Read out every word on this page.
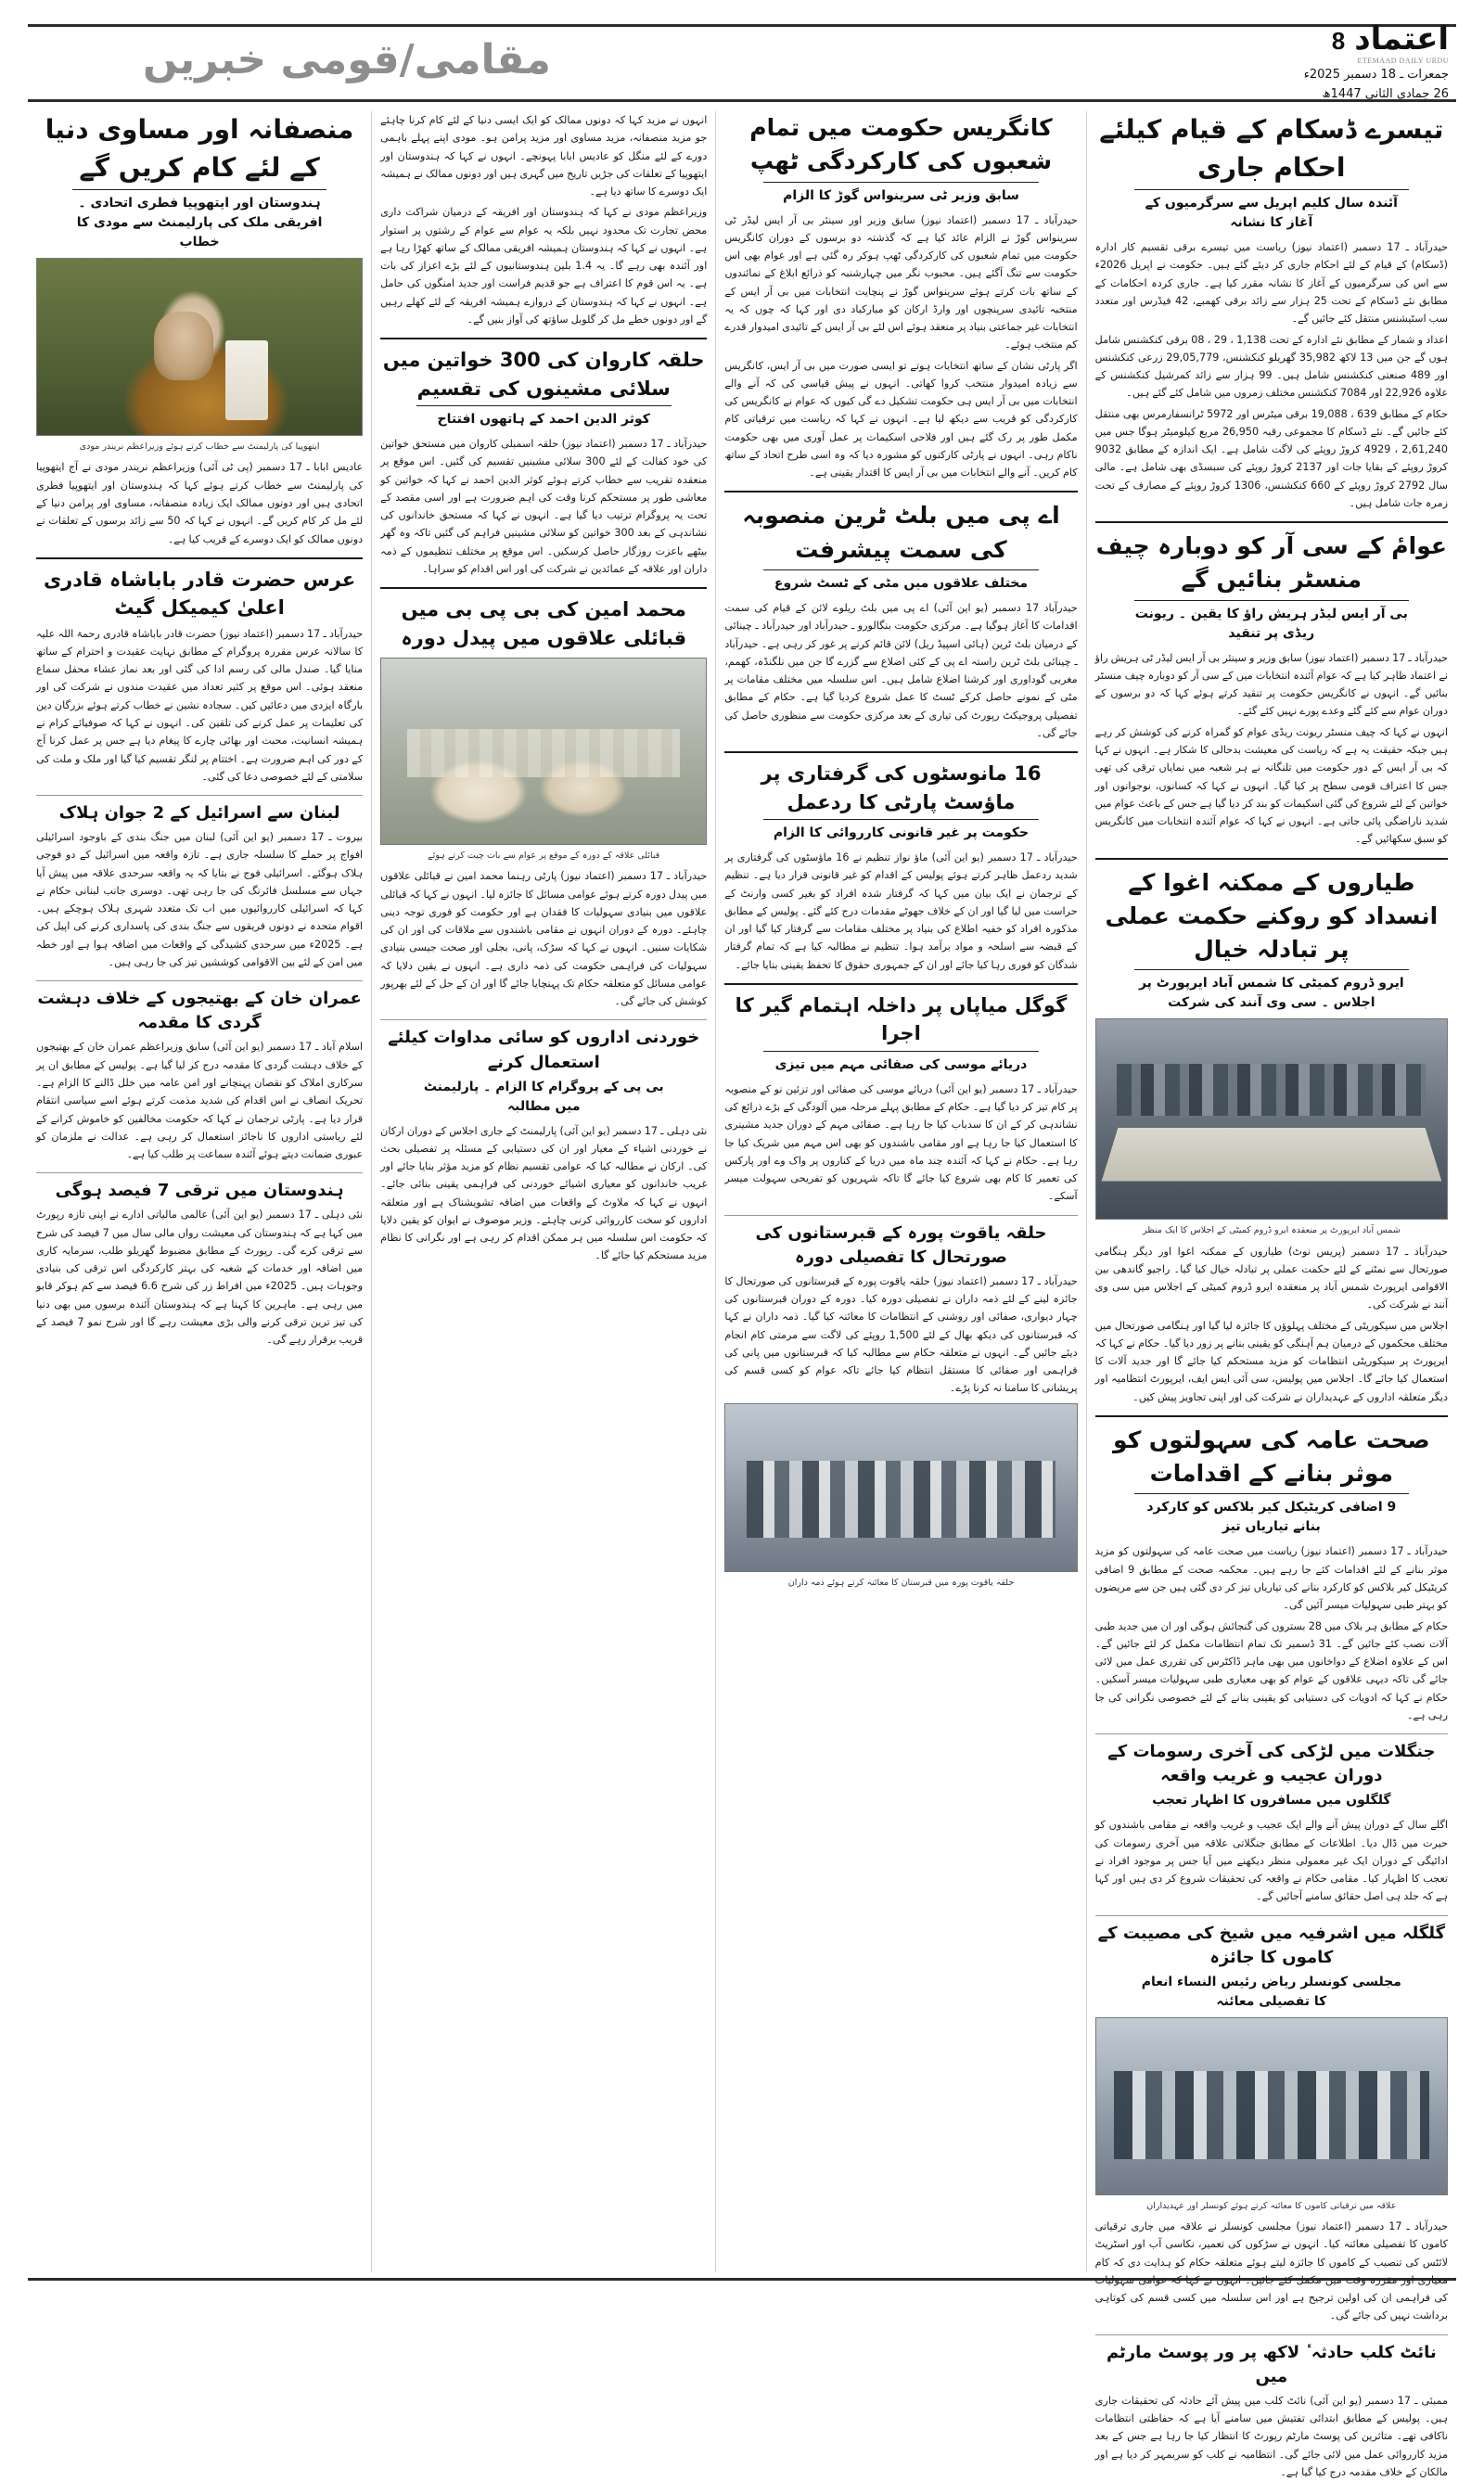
اعتماد
8
ETEMAAD DAILY URDU
جمعرات ـ 18 دسمبر 2025ء
26 جمادی الثانی 1447ھ
مقامی/قومی خبریں
تیسرے ڈسکام کے قیام کیلئے احکام جاری
آئندہ سال کلیم اپریل سے سرگرمیوں کے آغاز کا نشانہ

حیدرآباد ـ 17 دسمبر (اعتماد نیوز) ریاست میں تیسرے برقی تقسیم کار ادارہ (ڈسکام) کے قیام کے لئے احکام جاری کر دیئے گئے ہیں۔ حکومت نے اپریل 2026ء سے اس کی سرگرمیوں کے آغاز کا نشانہ مقرر کیا ہے۔ جاری کردہ احکامات کے مطابق نئے ڈسکام کے تحت 25 ہزار سے زائد برقی کھمبے، 42 فیڈرس اور متعدد سب اسٹیشنس منتقل کئے جائیں گے۔

اعداد و شمار کے مطابق نئے ادارہ کے تحت 1,138 ، 29 ، 08 برقی کنکشنس شامل ہوں گے جن میں 13 لاکھ 35,982 گھریلو کنکشنس، 29,05,779 زرعی کنکشنس اور 489 صنعتی کنکشنس شامل ہیں۔ 99 ہزار سے زائد کمرشیل کنکشنس کے علاوہ 22,926 اور 7084 کنکشنس مختلف زمروں میں شامل کئے گئے ہیں۔

حکام کے مطابق 639 ، 19,088 برقی میٹرس اور 5972 ٹرانسفارمرس بھی منتقل کئے جائیں گے۔ نئے ڈسکام کا مجموعی رقبہ 26,950 مربع کیلومیٹر ہوگا جس میں 2,61,240 ، 4929 کروڑ روپئے کی لاگت شامل ہے۔ ایک اندازہ کے مطابق 9032 کروڑ روپئے کے بقایا جات اور 2137 کروڑ روپئے کی سبسڈی بھی شامل ہے۔ مالی سال 2792 کروڑ روپئے کے 660 کنکشنس، 1306 کروڑ روپئے کے مصارف کے تحت زمرہ جات شامل ہیں۔

عوامٔ کے سی آر کو دوبارہ چیف منسٹر بنائیں گے
بی آر ایس لیڈر ہریش راؤ کا یقین ۔ ریونت ریڈی پر تنقید

حیدرآباد ـ 17 دسمبر (اعتماد نیوز) سابق وزیر و سینئر بی آر ایس لیڈر ٹی ہریش راؤ نے اعتماد ظاہر کیا ہے کہ عوام آئندہ انتخابات میں کے سی آر کو دوبارہ چیف منسٹر بنائیں گے۔ انہوں نے کانگریس حکومت پر تنقید کرتے ہوئے کہا کہ دو برسوں کے دوران عوام سے کئے گئے وعدے پورے نہیں کئے گئے۔

انہوں نے کہا کہ چیف منسٹر ریونت ریڈی عوام کو گمراہ کرنے کی کوشش کر رہے ہیں جبکہ حقیقت یہ ہے کہ ریاست کی معیشت بدحالی کا شکار ہے۔ انہوں نے کہا کہ بی آر ایس کے دور حکومت میں تلنگانہ نے ہر شعبہ میں نمایاں ترقی کی تھی جس کا اعتراف قومی سطح پر کیا گیا۔ انہوں نے کہا کہ کسانوں، نوجوانوں اور خواتین کے لئے شروع کی گئی اسکیمات کو بند کر دیا گیا ہے جس کے باعث عوام میں شدید ناراضگی پائی جاتی ہے۔ انہوں نے کہا کہ عوام آئندہ انتخابات میں کانگریس کو سبق سکھائیں گے۔

طیاروں کے ممکنہ اغوا کے انسداد کو روکنے حکمت عملی پر تبادلہ خیال
ایرو ڈروم کمیٹی کا شمس آباد ایرپورٹ پر اجلاس ۔ سی وی آنند کی شرکت
شمس آباد ایرپورٹ پر منعقدہ ایرو ڈروم کمیٹی کے اجلاس کا ایک منظر

حیدرآباد ـ 17 دسمبر (پریس نوٹ) طیاروں کے ممکنہ اغوا اور دیگر ہنگامی صورتحال سے نمٹنے کے لئے حکمت عملی پر تبادلہ خیال کیا گیا۔ راجیو گاندھی بین الاقوامی ایرپورٹ شمس آباد پر منعقدہ ایرو ڈروم کمیٹی کے اجلاس میں سی وی آنند نے شرکت کی۔

اجلاس میں سیکوریٹی کے مختلف پہلوؤں کا جائزہ لیا گیا اور ہنگامی صورتحال میں مختلف محکموں کے درمیان ہم آہنگی کو یقینی بنانے پر زور دیا گیا۔ حکام نے کہا کہ ایرپورٹ پر سیکوریٹی انتظامات کو مزید مستحکم کیا جائے گا اور جدید آلات کا استعمال کیا جائے گا۔ اجلاس میں پولیس، سی آئی ایس ایف، ایرپورٹ انتظامیہ اور دیگر متعلقہ اداروں کے عہدیداران نے شرکت کی اور اپنی تجاویز پیش کیں۔

صحت عامہ کی سہولتوں کو موثر بنانے کے اقدامات
9 اضافی کریٹیکل کیر بلاکس کو کارکرد بنانے تیاریاں تیز

حیدرآباد ـ 17 دسمبر (اعتماد نیوز) ریاست میں صحت عامہ کی سہولتوں کو مزید موثر بنانے کے لئے اقدامات کئے جا رہے ہیں۔ محکمہ صحت کے مطابق 9 اضافی کریٹیکل کیر بلاکس کو کارکرد بنانے کی تیاریاں تیز کر دی گئی ہیں جن سے مریضوں کو بہتر طبی سہولیات میسر آئیں گی۔

حکام کے مطابق ہر بلاک میں 28 بستروں کی گنجائش ہوگی اور ان میں جدید طبی آلات نصب کئے جائیں گے۔ 31 ڈسمبر تک تمام انتظامات مکمل کر لئے جائیں گے۔ اس کے علاوہ اضلاع کے دواخانوں میں بھی ماہر ڈاکٹرس کی تقرری عمل میں لائی جائے گی تاکہ دیہی علاقوں کے عوام کو بھی معیاری طبی سہولیات میسر آسکیں۔ حکام نے کہا کہ ادویات کی دستیابی کو یقینی بنانے کے لئے خصوصی نگرانی کی جا رہی ہے۔

جنگلات میں لڑکی کی آخری رسومات کے دوران عجیب و غریب واقعہ
گلگلوں میں مسافروں کا اظہار تعجب

اگلے سال کے دوران پیش آنے والے ایک عجیب و غریب واقعہ نے مقامی باشندوں کو حیرت میں ڈال دیا۔ اطلاعات کے مطابق جنگلاتی علاقہ میں آخری رسومات کی ادائیگی کے دوران ایک غیر معمولی منظر دیکھنے میں آیا جس پر موجود افراد نے تعجب کا اظہار کیا۔ مقامی حکام نے واقعہ کی تحقیقات شروع کر دی ہیں اور کہا ہے کہ جلد ہی اصل حقائق سامنے آجائیں گے۔

گلگلہ میں اشرفیہ میں شیخ کی مصیبت کے کاموں کا جائزہ
مجلسی کونسلر ریاض رئیس النساء انعام کا تفصیلی معائنہ
علاقہ میں ترقیاتی کاموں کا معائنہ کرتے ہوئے کونسلر اور عہدیداران

حیدرآباد ـ 17 دسمبر (اعتماد نیوز) مجلسی کونسلر نے علاقہ میں جاری ترقیاتی کاموں کا تفصیلی معائنہ کیا۔ انہوں نے سڑکوں کی تعمیر، نکاسی آب اور اسٹریٹ لائٹس کی تنصیب کے کاموں کا جائزہ لیتے ہوئے متعلقہ حکام کو ہدایت دی کہ کام معیاری اور مقررہ وقت میں مکمل کئے جائیں۔ انہوں نے کہا کہ عوامی سہولیات کی فراہمی ان کی اولین ترجیح ہے اور اس سلسلہ میں کسی قسم کی کوتاہی برداشت نہیں کی جائے گی۔

نائٹ کلب حادثہ ٔ لاکھ پر ور پوسٹ مارٹم میں

ممبئی ـ 17 دسمبر (یو این آئی) نائٹ کلب میں پیش آئے حادثہ کی تحقیقات جاری ہیں۔ پولیس کے مطابق ابتدائی تفتیش میں سامنے آیا ہے کہ حفاظتی انتظامات ناکافی تھے۔ متاثرین کی پوسٹ مارٹم رپورٹ کا انتظار کیا جا رہا ہے جس کے بعد مزید کارروائی عمل میں لائی جائے گی۔ انتظامیہ نے کلب کو سربمہر کر دیا ہے اور مالکان کے خلاف مقدمہ درج کیا گیا ہے۔

کانگریس حکومت میں تمام شعبوں کی کارکردگی ٹھپ
سابق وزیر ٹی سرینواس گوڑ کا الزام

حیدرآباد ـ 17 دسمبر (اعتماد نیوز) سابق وزیر اور سینئر بی آر ایس لیڈر ٹی سرینواس گوڑ نے الزام عائد کیا ہے کہ گذشتہ دو برسوں کے دوران کانگریس حکومت میں تمام شعبوں کی کارکردگی ٹھپ ہوکر رہ گئی ہے اور عوام بھی اس حکومت سے تنگ آگئے ہیں۔ محبوب نگر میں چہارشنبہ کو ذرائع ابلاغ کے نمائندوں کے ساتھ بات کرتے ہوئے سرینواس گوڑ نے پنچایت انتخابات میں بی آر ایس کے منتخبہ تائیدی سرپنچوں اور وارڈ ارکان کو مبارکباد دی اور کہا کہ چوں کہ یہ انتخابات غیر جماعتی بنیاد پر منعقد ہوئے اس لئے بی آر ایس کے تائیدی امیدوار قدرے کم منتخب ہوئے۔

اگر پارٹی نشان کے ساتھ انتخابات ہوتے تو ایسی صورت میں بی آر ایس، کانگریس سے زیادہ امیدوار منتخب کروا کھاتی۔ انہوں نے پیش قیاسی کی کہ آنے والے انتخابات میں بی آر ایس ہی حکومت تشکیل دے گی کیوں کہ عوام نے کانگریس کی کارکردگی کو قریب سے دیکھ لیا ہے۔ انہوں نے کہا کہ ریاست میں ترقیاتی کام مکمل طور پر رک گئے ہیں اور فلاحی اسکیمات پر عمل آوری میں بھی حکومت ناکام رہی۔ انہوں نے پارٹی کارکنوں کو مشورہ دیا کہ وہ اسی طرح اتحاد کے ساتھ کام کریں۔ آنے والے انتخابات میں بی آر ایس کا اقتدار یقینی ہے۔

اے پی میں بلٹ ٹرین منصوبہ کی سمت پیشرفت
مختلف علاقوں میں مٹی کے ٹسٹ شروع

حیدرآباد 17 دسمبر (یو این آئی) اے پی میں بلٹ ریلوے لائن کے قیام کی سمت اقدامات کا آغاز ہوگیا ہے۔ مرکزی حکومت بنگالورو ـ حیدرآباد اور حیدرآباد ـ چینائی کے درمیان بلٹ ٹرین (ہائی اسپیڈ ریل) لائن قائم کرنے پر غور کر رہی ہے۔ حیدرآباد ـ چینائی بلٹ ٹرین راستہ اے پی کے کئی اضلاع سے گزرے گا جن میں نلگنڈہ، کھمم، مغربی گوداوری اور کرشنا اضلاع شامل ہیں۔ اس سلسلہ میں مختلف مقامات پر مٹی کے نمونے حاصل کرکے ٹسٹ کا عمل شروع کردیا گیا ہے۔ حکام کے مطابق تفصیلی پروجیکٹ رپورٹ کی تیاری کے بعد مرکزی حکومت سے منظوری حاصل کی جائے گی۔

16 مانوسٹوں کی گرفتاری پر ماؤسٹ پارٹی کا ردعمل
حکومت پر غیر قانونی کارروائی کا الزام

حیدرآباد ـ 17 دسمبر (یو این آئی) ماؤ نواز تنظیم نے 16 ماؤسٹوں کی گرفتاری پر شدید ردعمل ظاہر کرتے ہوئے پولیس کے اقدام کو غیر قانونی قرار دیا ہے۔ تنظیم کے ترجمان نے ایک بیان میں کہا کہ گرفتار شدہ افراد کو بغیر کسی وارنٹ کے حراست میں لیا گیا اور ان کے خلاف جھوٹے مقدمات درج کئے گئے۔ پولیس کے مطابق مذکورہ افراد کو خفیہ اطلاع کی بنیاد پر مختلف مقامات سے گرفتار کیا گیا اور ان کے قبضہ سے اسلحہ و مواد برآمد ہوا۔ تنظیم نے مطالبہ کیا ہے کہ تمام گرفتار شدگان کو فوری رہا کیا جائے اور ان کے جمہوری حقوق کا تحفظ یقینی بنایا جائے۔

گوگل میاپاں پر داخلہ اہتمام گیر کا اجرا
دریائے موسی کی صفائی مہم میں تیزی

حیدرآباد ـ 17 دسمبر (یو این آئی) دریائے موسی کی صفائی اور تزئین نو کے منصوبہ پر کام تیز کر دیا گیا ہے۔ حکام کے مطابق پہلے مرحلہ میں آلودگی کے بڑے ذرائع کی نشاندہی کر کے ان کا سدباب کیا جا رہا ہے۔ صفائی مہم کے دوران جدید مشینری کا استعمال کیا جا رہا ہے اور مقامی باشندوں کو بھی اس مہم میں شریک کیا جا رہا ہے۔ حکام نے کہا کہ آئندہ چند ماہ میں دریا کے کناروں پر واک وے اور پارکس کی تعمیر کا کام بھی شروع کیا جائے گا تاکہ شہریوں کو تفریحی سہولت میسر آسکے۔

حلقہ یاقوت پورہ کے قبرستانوں کی صورتحال کا تفصیلی دورہ

حیدرآباد ـ 17 دسمبر (اعتماد نیوز) حلقہ یاقوت پورہ کے قبرستانوں کی صورتحال کا جائزہ لینے کے لئے ذمہ داران نے تفصیلی دورہ کیا۔ دورہ کے دوران قبرستانوں کی چہار دیواری، صفائی اور روشنی کے انتظامات کا معائنہ کیا گیا۔ ذمہ داران نے کہا کہ قبرستانوں کی دیکھ بھال کے لئے 1,500 روپئے کی لاگت سے مرمتی کام انجام دیئے جائیں گے۔ انہوں نے متعلقہ حکام سے مطالبہ کیا کہ قبرستانوں میں پانی کی فراہمی اور صفائی کا مستقل انتظام کیا جائے تاکہ عوام کو کسی قسم کی پریشانی کا سامنا نہ کرنا پڑے۔

حلقہ یاقوت پورہ میں قبرستان کا معائنہ کرتے ہوئے ذمہ داران

انہوں نے مزید کہا کہ دونوں ممالک کو ایک ایسی دنیا کے لئے کام کرنا چاہئے جو مزید منصفانہ، مزید مساوی اور مزید پرامن ہو۔ مودی اپنے پہلے باہمی دورے کے لئے منگل کو عادیس ابابا پہونچے۔ انہوں نے کہا کہ ہندوستان اور ایتھوپیا کے تعلقات کی جڑیں تاریخ میں گہری ہیں اور دونوں ممالک نے ہمیشہ ایک دوسرے کا ساتھ دیا ہے۔

وزیراعظم مودی نے کہا کہ ہندوستان اور افریقہ کے درمیان شراکت داری محض تجارت تک محدود نہیں بلکہ یہ عوام سے عوام کے رشتوں پر استوار ہے۔ انہوں نے کہا کہ ہندوستان ہمیشہ افریقی ممالک کے ساتھ کھڑا رہا ہے اور آئندہ بھی رہے گا۔ یہ 1.4 بلین ہندوستانیوں کے لئے بڑے اعزاز کی بات ہے۔ یہ اس قوم کا اعتراف ہے جو قدیم فراست اور جدید امنگوں کی حامل ہے۔ انہوں نے کہا کہ ہندوستان کے دروازے ہمیشہ افریقہ کے لئے کھلے رہیں گے اور دونوں خطے مل کر گلوبل ساؤتھ کی آواز بنیں گے۔

حلقہ کاروان کی 300 خواتین میں سلائی مشینوں کی تقسیم
کوثر الدین احمد کے ہاتھوں افتتاح

حیدرآباد ـ 17 دسمبر (اعتماد نیوز) حلقہ اسمبلی کاروان میں مستحق خواتین کی خود کفالت کے لئے 300 سلائی مشینیں تقسیم کی گئیں۔ اس موقع پر منعقدہ تقریب سے خطاب کرتے ہوئے کوثر الدین احمد نے کہا کہ خواتین کو معاشی طور پر مستحکم کرنا وقت کی اہم ضرورت ہے اور اسی مقصد کے تحت یہ پروگرام ترتیب دیا گیا ہے۔ انہوں نے کہا کہ مستحق خاندانوں کی نشاندہی کے بعد 300 خواتین کو سلائی مشینیں فراہم کی گئیں تاکہ وہ گھر بیٹھے باعزت روزگار حاصل کرسکیں۔ اس موقع پر مختلف تنظیموں کے ذمہ داران اور علاقہ کے عمائدین نے شرکت کی اور اس اقدام کو سراہا۔

محمد امین کی بی پی بی میں قبائلی علاقوں میں پیدل دورہ
قبائلی علاقہ کے دورہ کے موقع پر عوام سے بات چیت کرتے ہوئے

حیدرآباد ـ 17 دسمبر (اعتماد نیوز) پارٹی رہنما محمد امین نے قبائلی علاقوں میں پیدل دورہ کرتے ہوئے عوامی مسائل کا جائزہ لیا۔ انہوں نے کہا کہ قبائلی علاقوں میں بنیادی سہولیات کا فقدان ہے اور حکومت کو فوری توجہ دینی چاہئے۔ دورہ کے دوران انہوں نے مقامی باشندوں سے ملاقات کی اور ان کی شکایات سنیں۔ انہوں نے کہا کہ سڑک، پانی، بجلی اور صحت جیسی بنیادی سہولیات کی فراہمی حکومت کی ذمہ داری ہے۔ انہوں نے یقین دلایا کہ عوامی مسائل کو متعلقہ حکام تک پہنچایا جائے گا اور ان کے حل کے لئے بھرپور کوشش کی جائے گی۔

خوردنی اداروں کو سائی مداوات کیلئے استعمال کرنے
بی پی کے پروگرام کا الزام ۔ پارلیمنٹ میں مطالبہ

نئی دہلی ـ 17 دسمبر (یو این آئی) پارلیمنٹ کے جاری اجلاس کے دوران ارکان نے خوردنی اشیاء کے معیار اور ان کی دستیابی کے مسئلہ پر تفصیلی بحث کی۔ ارکان نے مطالبہ کیا کہ عوامی تقسیم نظام کو مزید مؤثر بنایا جائے اور غریب خاندانوں کو معیاری اشیائے خوردنی کی فراہمی یقینی بنائی جائے۔ انہوں نے کہا کہ ملاوٹ کے واقعات میں اضافہ تشویشناک ہے اور متعلقہ اداروں کو سخت کارروائی کرنی چاہئے۔ وزیر موصوف نے ایوان کو یقین دلایا کہ حکومت اس سلسلہ میں ہر ممکن اقدام کر رہی ہے اور نگرانی کا نظام مزید مستحکم کیا جائے گا۔

منصفانہ اور مساوی دنیا کے لئے کام کریں گے
ہندوستان اور ایتھوپیا فطری اتحادی ۔ افریقی ملک کی پارلیمنٹ سے مودی کا خطاب
ایتھوپیا کی پارلیمنٹ سے خطاب کرتے ہوئے وزیراعظم نریندر مودی

عادیس ابابا ـ 17 دسمبر (پی ٹی آئی) وزیراعظم نریندر مودی نے آج ایتھوپیا کی پارلیمنٹ سے خطاب کرتے ہوئے کہا کہ ہندوستان اور ایتھوپیا فطری اتحادی ہیں اور دونوں ممالک ایک زیادہ منصفانہ، مساوی اور پرامن دنیا کے لئے مل کر کام کریں گے۔ انہوں نے کہا کہ 50 سے زائد برسوں کے تعلقات نے دونوں ممالک کو ایک دوسرے کے قریب کیا ہے۔

عرس حضرت قادر باباشاہ قادری اعلیٰ کیمیکل گیٹ

حیدرآباد ـ 17 دسمبر (اعتماد نیوز) حضرت قادر باباشاہ قادری رحمۃ اللہ علیہ کا سالانہ عرس مقررہ پروگرام کے مطابق نہایت عقیدت و احترام کے ساتھ منایا گیا۔ صندل مالی کی رسم ادا کی گئی اور بعد نماز عشاء محفل سماع منعقد ہوئی۔ اس موقع پر کثیر تعداد میں عقیدت مندوں نے شرکت کی اور بارگاہ ایزدی میں دعائیں کیں۔ سجادہ نشین نے خطاب کرتے ہوئے بزرگان دین کی تعلیمات پر عمل کرنے کی تلقین کی۔ انہوں نے کہا کہ صوفیائے کرام نے ہمیشہ انسانیت، محبت اور بھائی چارے کا پیغام دیا ہے جس پر عمل کرنا آج کے دور کی اہم ضرورت ہے۔ اختتام پر لنگر تقسیم کیا گیا اور ملک و ملت کی سلامتی کے لئے خصوصی دعا کی گئی۔

لبنان سے اسرائیل کے 2 جوان ہلاک

بیروت ـ 17 دسمبر (یو این آئی) لبنان میں جنگ بندی کے باوجود اسرائیلی افواج پر حملے کا سلسلہ جاری ہے۔ تازہ واقعہ میں اسرائیل کے دو فوجی ہلاک ہوگئے۔ اسرائیلی فوج نے بتایا کہ یہ واقعہ سرحدی علاقہ میں پیش آیا جہاں سے مسلسل فائرنگ کی جا رہی تھی۔ دوسری جانب لبنانی حکام نے کہا کہ اسرائیلی کارروائیوں میں اب تک متعدد شہری ہلاک ہوچکے ہیں۔ اقوام متحدہ نے دونوں فریقوں سے جنگ بندی کی پاسداری کرنے کی اپیل کی ہے۔ 2025ء میں سرحدی کشیدگی کے واقعات میں اضافہ ہوا ہے اور خطہ میں امن کے لئے بین الاقوامی کوششیں تیز کی جا رہی ہیں۔

عمران خان کے بھتیجوں کے خلاف دہشت گردی کا مقدمہ

اسلام آباد ـ 17 دسمبر (یو این آئی) سابق وزیراعظم عمران خان کے بھتیجوں کے خلاف دہشت گردی کا مقدمہ درج کر لیا گیا ہے۔ پولیس کے مطابق ان پر سرکاری املاک کو نقصان پہنچانے اور امن عامہ میں خلل ڈالنے کا الزام ہے۔ تحریک انصاف نے اس اقدام کی شدید مذمت کرتے ہوئے اسے سیاسی انتقام قرار دیا ہے۔ پارٹی ترجمان نے کہا کہ حکومت مخالفین کو خاموش کرانے کے لئے ریاستی اداروں کا ناجائز استعمال کر رہی ہے۔ عدالت نے ملزمان کو عبوری ضمانت دیتے ہوئے آئندہ سماعت پر طلب کیا ہے۔

ہندوستان میں ترقی 7 فیصد ہوگی

نئی دہلی ـ 17 دسمبر (یو این آئی) عالمی مالیاتی ادارے نے اپنی تازہ رپورٹ میں کہا ہے کہ ہندوستان کی معیشت رواں مالی سال میں 7 فیصد کی شرح سے ترقی کرے گی۔ رپورٹ کے مطابق مضبوط گھریلو طلب، سرمایہ کاری میں اضافہ اور خدمات کے شعبہ کی بہتر کارکردگی اس ترقی کی بنیادی وجوہات ہیں۔ 2025ء میں افراط زر کی شرح 6.6 فیصد سے کم ہوکر قابو میں رہی ہے۔ ماہرین کا کہنا ہے کہ ہندوستان آئندہ برسوں میں بھی دنیا کی تیز ترین ترقی کرنے والی بڑی معیشت رہے گا اور شرح نمو 7 فیصد کے قریب برقرار رہے گی۔
